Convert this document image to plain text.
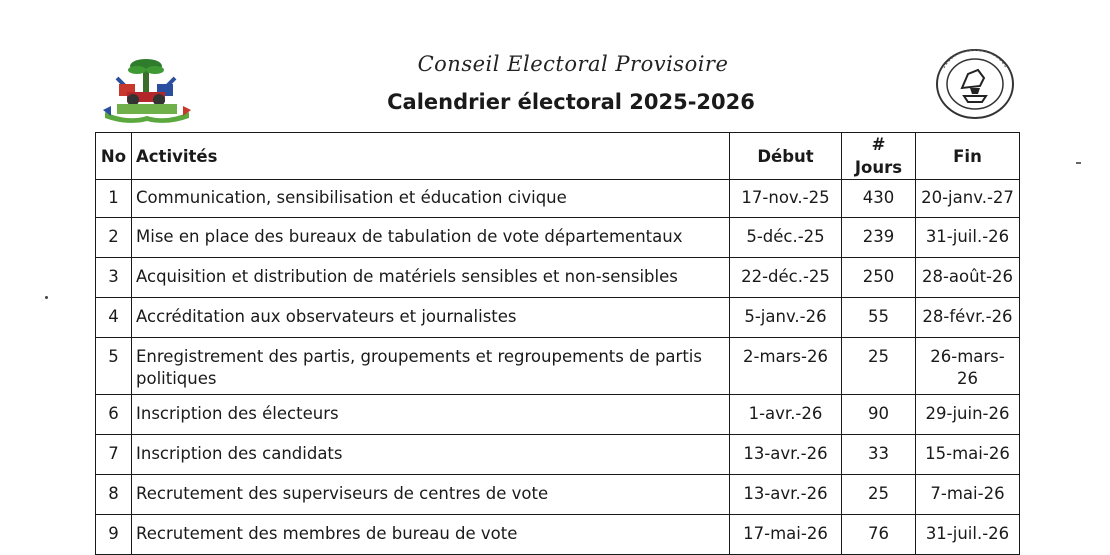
Conseil Electoral Provisoire
Calendrier électoral 2025-2026
No	Activités	Début	# Jours	Fin
1	Communication, sensibilisation et éducation civique	17-nov.-25	430	20-janv.-27
2	Mise en place des bureaux de tabulation de vote départementaux	5-déc.-25	239	31-juil.-26
3	Acquisition et distribution de matériels sensibles et non-sensibles	22-déc.-25	250	28-août-26
4	Accréditation aux observateurs et journalistes	5-janv.-26	55	28-févr.-26
5	Enregistrement des partis, groupements et regroupements de partis politiques	2-mars-26	25	26-mars-26
6	Inscription des électeurs	1-avr.-26	90	29-juin-26
7	Inscription des candidats	13-avr.-26	33	15-mai-26
8	Recrutement des superviseurs de centres de vote	13-avr.-26	25	7-mai-26
9	Recrutement des membres de bureau de vote	17-mai-26	76	31-juil.-26
